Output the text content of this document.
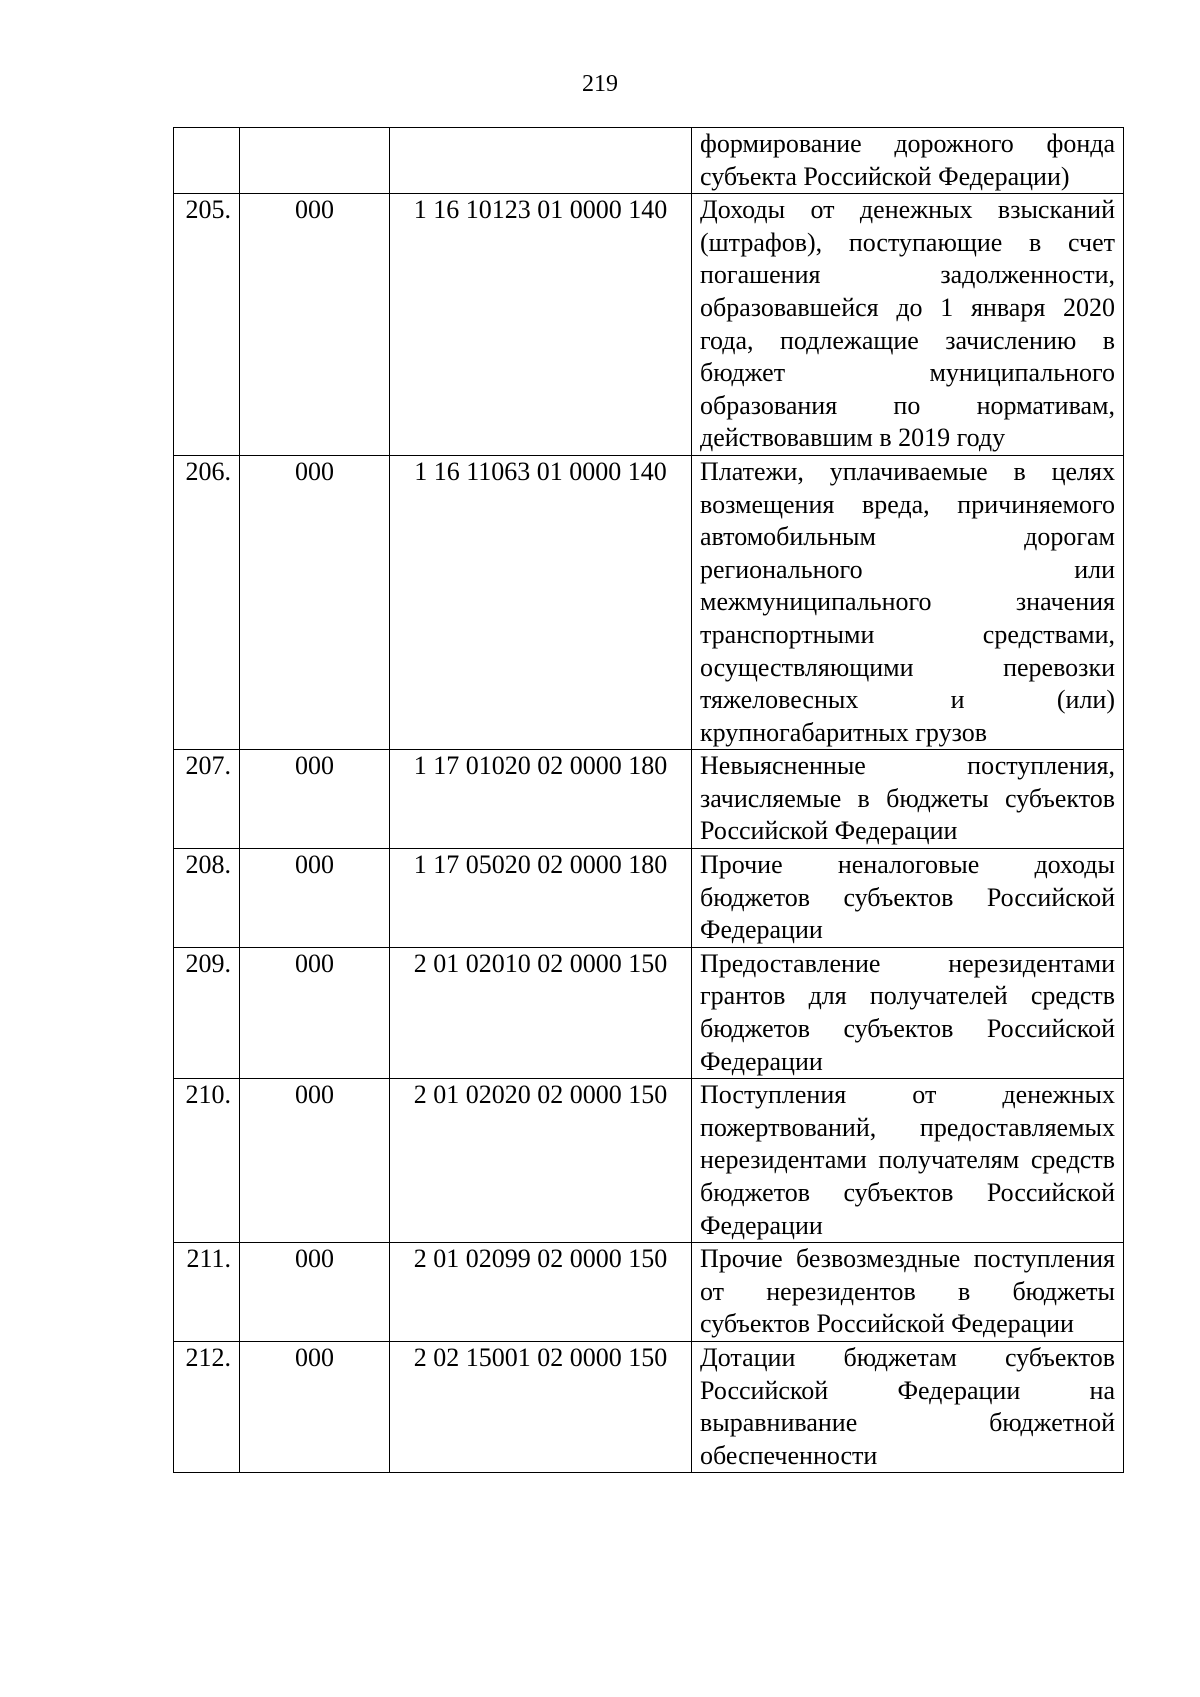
219
			формирование дорожного фонда субъекта Российской Федерации)
205.	000	1 16 10123 01 0000 140	Доходы от денежных взысканий (штрафов), поступающие в счет погашения задолженности, образовавшейся до 1 января 2020 года, подлежащие зачислению в бюджет муниципального образования по нормативам, действовавшим в 2019 году
206.	000	1 16 11063 01 0000 140	Платежи, уплачиваемые в целях возмещения вреда, причиняемого автомобильным дорогам регионального или межмуниципального значения транспортными средствами, осуществляющими перевозки тяжеловесных и (или) крупногабаритных грузов
207.	000	1 17 01020 02 0000 180	Невыясненные поступления, зачисляемые в бюджеты субъектов Российской Федерации
208.	000	1 17 05020 02 0000 180	Прочие неналоговые доходы бюджетов субъектов Российской Федерации
209.	000	2 01 02010 02 0000 150	Предоставление нерезидентами грантов для получателей средств бюджетов субъектов Российской Федерации
210.	000	2 01 02020 02 0000 150	Поступления от денежных пожертвований, предоставляемых нерезидентами получателям средств бюджетов субъектов Российской Федерации
211.	000	2 01 02099 02 0000 150	Прочие безвозмездные поступления от нерезидентов в бюджеты субъектов Российской Федерации
212.	000	2 02 15001 02 0000 150	Дотации бюджетам субъектов Российской Федерации на выравнивание бюджетной обеспеченности
